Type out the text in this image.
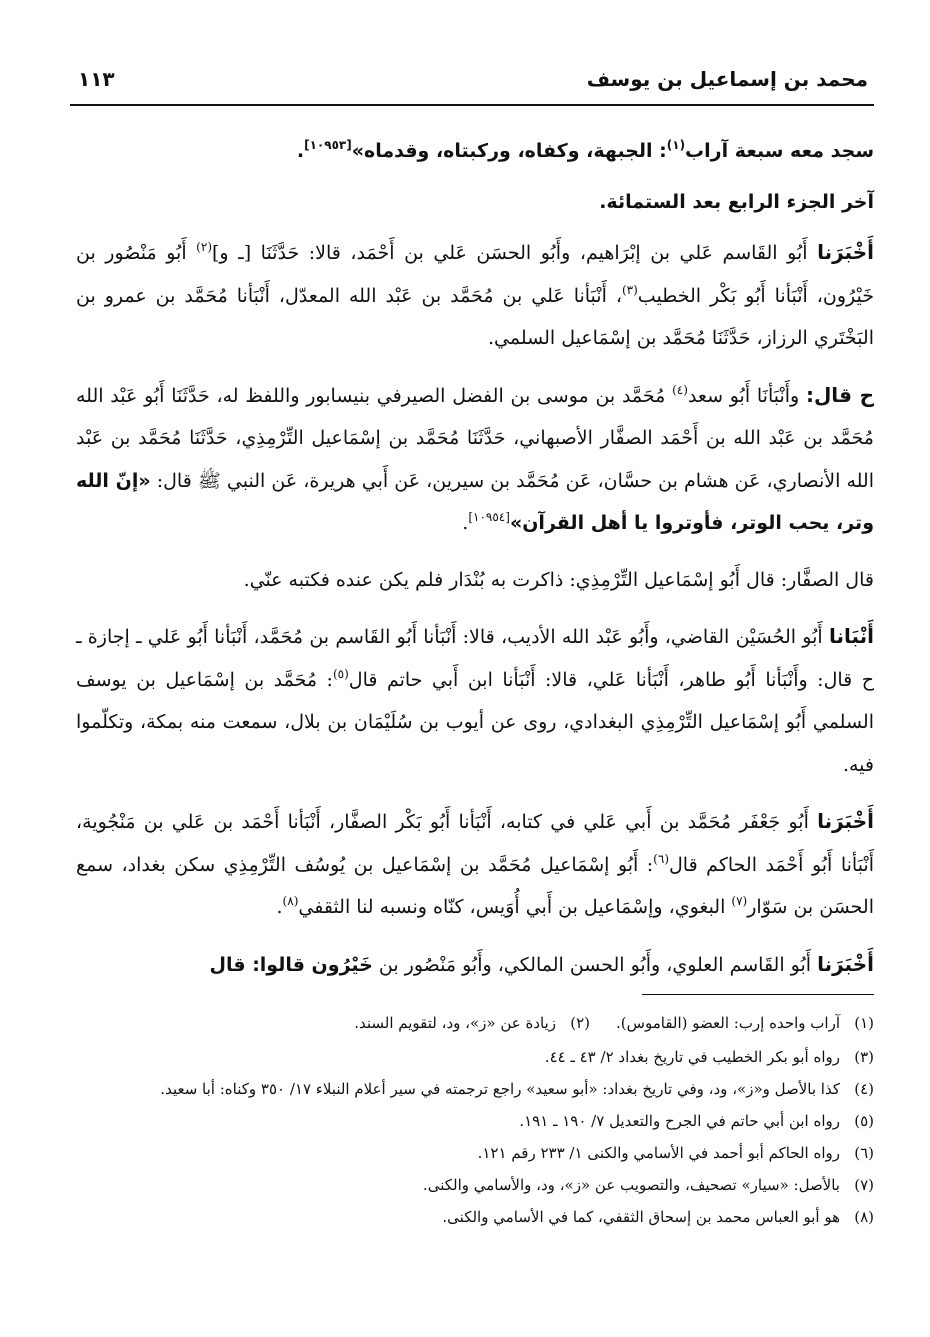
محمد بن إسماعيل بن يوسف
١١٣

سجد معه سبعة آراب$^{(١)}$: الجبهة، وكفاه، وركبتاه، وقدماه»[١٠٩٥٣].

آخر الجزء الرابع بعد الستمائة.

أَخْبَرَنا أَبُو القَاسم عَلي بن إبْرَاهيم، وأَبُو الحسَن عَلي بن أَحْمَد، قالا: حَدَّثَنَا [ـ و]$^{(٢)}$ أَبُو مَنْصُور بن خَيْرُون، أَنْبَأنا أَبُو بَكْر الخطيب$^{(٣)}$، أَنْبَأنا عَلي بن مُحَمَّد بن عَبْد الله المعدّل، أَنْبَأنا مُحَمَّد بن عمرو بن البَخْتَري الرزاز، حَدَّثَنَا مُحَمَّد بن إسْمَاعيل السلمي.

ح قال: وأَنْبَأنَا أَبُو سعد$^{(٤)}$ مُحَمَّد بن موسى بن الفضل الصيرفي بنيسابور واللفظ له، حَدَّثَنَا أَبُو عَبْد الله مُحَمَّد بن عَبْد الله بن أَحْمَد الصفَّار الأصبهاني، حَدَّثَنَا مُحَمَّد بن إسْمَاعيل التِّرْمِذِي، حَدَّثَنَا مُحَمَّد بن عَبْد الله الأنصاري، عَن هشام بن حسَّان، عَن مُحَمَّد بن سيرين، عَن أَبي هريرة، عَن النبي ﷺ قال: «إنّ الله وتر، يحب الوتر، فأوتروا يا أهل القرآن»[١٠٩٥٤].

قال الصفَّار: قال أَبُو إسْمَاعيل التِّرْمِذِي: ذاكرت به بُنْدَار فلم يكن عنده فكتبه عنّي.

أَنْبَانا أَبُو الحُسَيْن القاضي، وأَبُو عَبْد الله الأديب، قالا: أَنْبَأنا أَبُو القَاسم بن مُحَمَّد، أَنْبَأنا أَبُو عَلي ـ إجازة ـ ح قال: وأَنْبَأنا أَبُو طاهر، أَنْبَأنا عَلي، قالا: أَنْبَأنا ابن أَبي حاتم قال$^{(٥)}$: مُحَمَّد بن إسْمَاعيل بن يوسف السلمي أَبُو إسْمَاعيل التِّرْمِذِي البغدادي، روى عن أيوب بن سُلَيْمَان بن بلال، سمعت منه بمكة، وتكلّموا فيه.

أَخْبَرَنا أَبُو جَعْفَر مُحَمَّد بن أَبي عَلي في كتابه، أَنْبَأنا أَبُو بَكْر الصفَّار، أَنْبَأنا أَحْمَد بن عَلي بن مَنْجُوية، أَنْبَأنا أَبُو أَحْمَد الحاكم قال$^{(٦)}$: أَبُو إسْمَاعيل مُحَمَّد بن إسْمَاعيل بن يُوسُف التِّرْمِذِي سكن بغداد، سمع الحسَن بن سَوّار$^{(٧)}$ البغوي، وإسْمَاعيل بن أَبي أُوَيس، كنّاه ونسبه لنا الثقفي$^{(٨)}$.

أَخْبَرَنا أَبُو القَاسم العلوي، وأَبُو الحسن المالكي، وأَبُو مَنْصُور بن خَيْرُون قالوا: قال

(١)
آراب واحده إرب: العضو (القاموس).
(٢)
زيادة عن «ز»، ود، لتقويم السند.
(٣)
رواه أبو بكر الخطيب في تاريخ بغداد ٢/ ٤٣ ـ ٤٤.
(٤)
كذا بالأصل و«ز»، ود، وفي تاريخ بغداد: «أبو سعيد» راجع ترجمته في سير أعلام النبلاء ١٧/ ٣٥٠ وكناه: أبا سعيد.
(٥)
رواه ابن أبي حاتم في الجرح والتعديل ٧/ ١٩٠ ـ ١٩١.
(٦)
رواه الحاكم أبو أحمد في الأسامي والكنى ١/ ٢٣٣ رقم ١٢١.
(٧)
بالأصل: «سيار» تصحيف، والتصويب عن «ز»، ود، والأسامي والكنى.
(٨)
هو أبو العباس محمد بن إسحاق الثقفي، كما في الأسامي والكنى.
